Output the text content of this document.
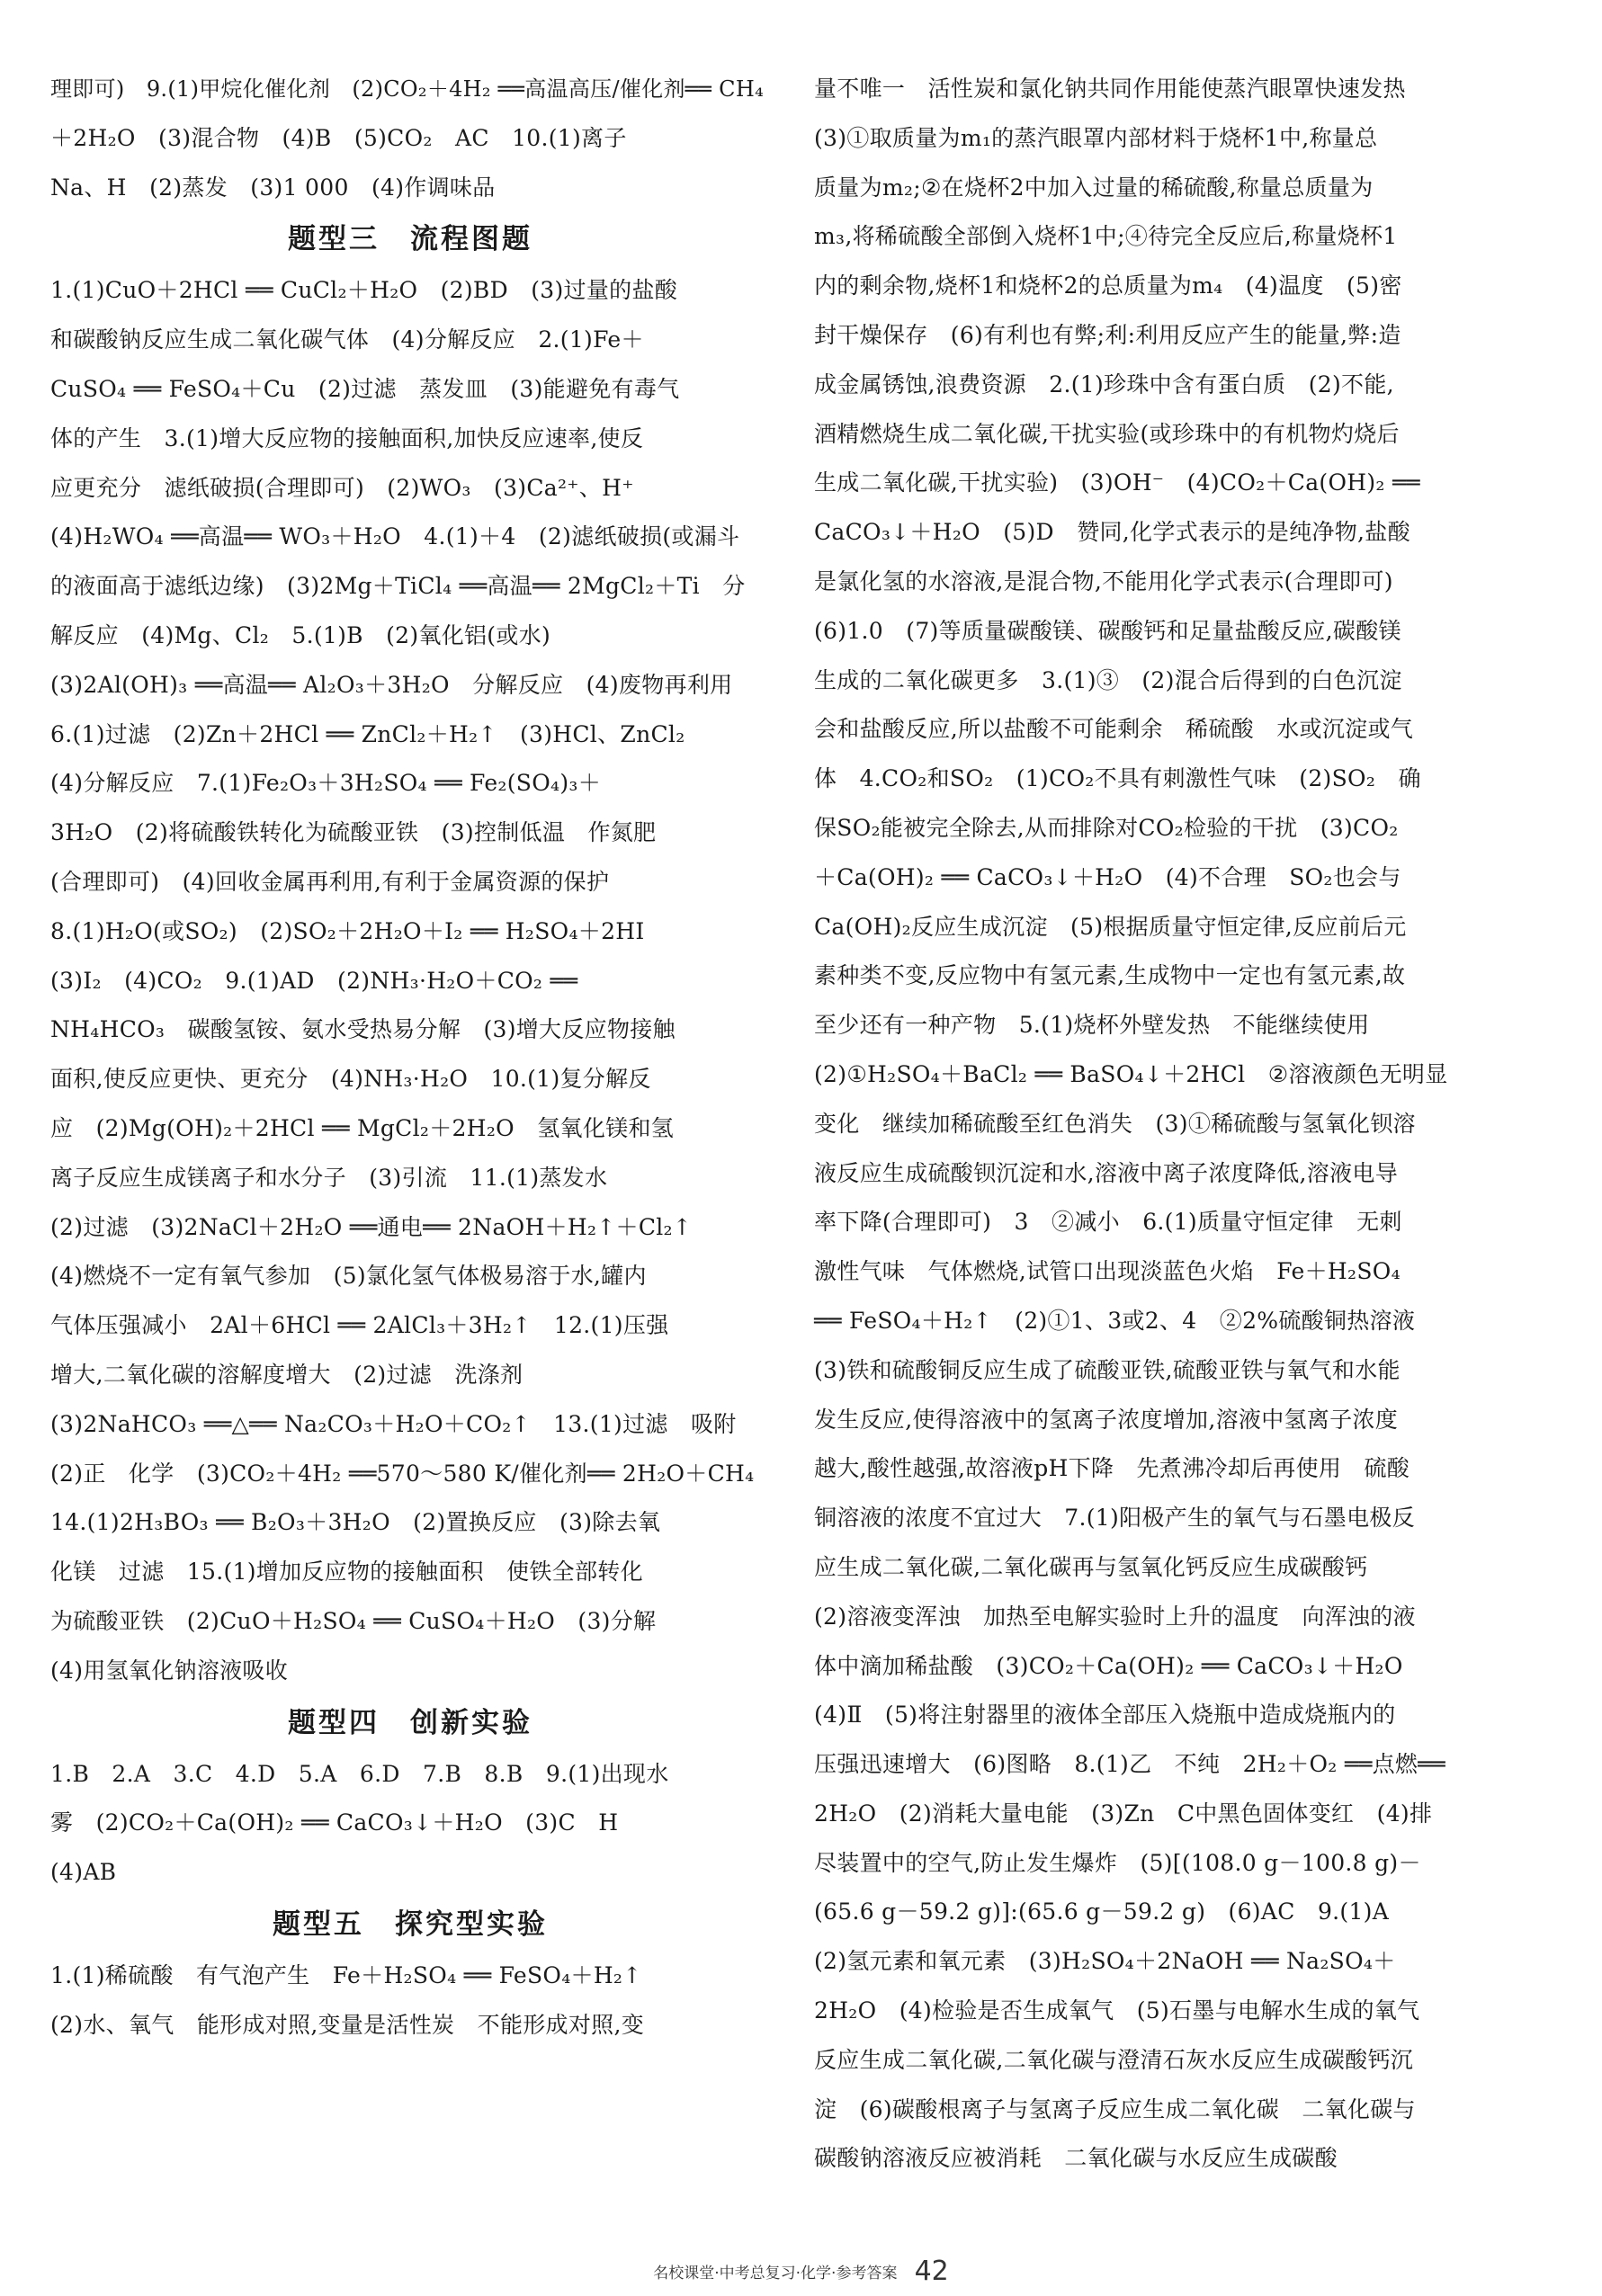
理即可)　9.(1)甲烷化催化剂　(2)CO₂＋4H₂ ══高温高压/催化剂══ CH₄
＋2H₂O　(3)混合物　(4)B　(5)CO₂　AC　10.(1)离子
Na、H　(2)蒸发　(3)1 000　(4)作调味品
题型三　流程图题
1.(1)CuO＋2HCl ══ CuCl₂＋H₂O　(2)BD　(3)过量的盐酸
和碳酸钠反应生成二氧化碳气体　(4)分解反应　2.(1)Fe＋
CuSO₄ ══ FeSO₄＋Cu　(2)过滤　蒸发皿　(3)能避免有毒气
体的产生　3.(1)增大反应物的接触面积,加快反应速率,使反
应更充分　滤纸破损(合理即可)　(2)WO₃　(3)Ca²⁺、H⁺
(4)H₂WO₄ ══高温══ WO₃＋H₂O　4.(1)＋4　(2)滤纸破损(或漏斗
的液面高于滤纸边缘)　(3)2Mg＋TiCl₄ ══高温══ 2MgCl₂＋Ti　分
解反应　(4)Mg、Cl₂　5.(1)B　(2)氧化铝(或水)
(3)2Al(OH)₃ ══高温══ Al₂O₃＋3H₂O　分解反应　(4)废物再利用
6.(1)过滤　(2)Zn＋2HCl ══ ZnCl₂＋H₂↑　(3)HCl、ZnCl₂
(4)分解反应　7.(1)Fe₂O₃＋3H₂SO₄ ══ Fe₂(SO₄)₃＋
3H₂O　(2)将硫酸铁转化为硫酸亚铁　(3)控制低温　作氮肥
(合理即可)　(4)回收金属再利用,有利于金属资源的保护
8.(1)H₂O(或SO₂)　(2)SO₂＋2H₂O＋I₂ ══ H₂SO₄＋2HI
(3)I₂　(4)CO₂　9.(1)AD　(2)NH₃·H₂O＋CO₂ ══
NH₄HCO₃　碳酸氢铵、氨水受热易分解　(3)增大反应物接触
面积,使反应更快、更充分　(4)NH₃·H₂O　10.(1)复分解反
应　(2)Mg(OH)₂＋2HCl ══ MgCl₂＋2H₂O　氢氧化镁和氢
离子反应生成镁离子和水分子　(3)引流　11.(1)蒸发水
(2)过滤　(3)2NaCl＋2H₂O ══通电══ 2NaOH＋H₂↑＋Cl₂↑
(4)燃烧不一定有氧气参加　(5)氯化氢气体极易溶于水,罐内
气体压强减小　2Al＋6HCl ══ 2AlCl₃＋3H₂↑　12.(1)压强
增大,二氧化碳的溶解度增大　(2)过滤　洗涤剂
(3)2NaHCO₃ ══△══ Na₂CO₃＋H₂O＋CO₂↑　13.(1)过滤　吸附
(2)正　化学　(3)CO₂＋4H₂ ══570～580 K/催化剂══ 2H₂O＋CH₄
14.(1)2H₃BO₃ ══ B₂O₃＋3H₂O　(2)置换反应　(3)除去氧
化镁　过滤　15.(1)增加反应物的接触面积　使铁全部转化
为硫酸亚铁　(2)CuO＋H₂SO₄ ══ CuSO₄＋H₂O　(3)分解
(4)用氢氧化钠溶液吸收
题型四　创新实验
1.B　2.A　3.C　4.D　5.A　6.D　7.B　8.B　9.(1)出现水
雾　(2)CO₂＋Ca(OH)₂ ══ CaCO₃↓＋H₂O　(3)C　H
(4)AB
题型五　探究型实验
1.(1)稀硫酸　有气泡产生　Fe＋H₂SO₄ ══ FeSO₄＋H₂↑
(2)水、氧气　能形成对照,变量是活性炭　不能形成对照,变
量不唯一　活性炭和氯化钠共同作用能使蒸汽眼罩快速发热
(3)①取质量为m₁的蒸汽眼罩内部材料于烧杯1中,称量总
质量为m₂;②在烧杯2中加入过量的稀硫酸,称量总质量为
m₃,将稀硫酸全部倒入烧杯1中;④待完全反应后,称量烧杯1
内的剩余物,烧杯1和烧杯2的总质量为m₄　(4)温度　(5)密
封干燥保存　(6)有利也有弊;利:利用反应产生的能量,弊:造
成金属锈蚀,浪费资源　2.(1)珍珠中含有蛋白质　(2)不能,
酒精燃烧生成二氧化碳,干扰实验(或珍珠中的有机物灼烧后
生成二氧化碳,干扰实验)　(3)OH⁻　(4)CO₂＋Ca(OH)₂ ══
CaCO₃↓＋H₂O　(5)D　赞同,化学式表示的是纯净物,盐酸
是氯化氢的水溶液,是混合物,不能用化学式表示(合理即可)
(6)1.0　(7)等质量碳酸镁、碳酸钙和足量盐酸反应,碳酸镁
生成的二氧化碳更多　3.(1)③　(2)混合后得到的白色沉淀
会和盐酸反应,所以盐酸不可能剩余　稀硫酸　水或沉淀或气
体　4.CO₂和SO₂　(1)CO₂不具有刺激性气味　(2)SO₂　确
保SO₂能被完全除去,从而排除对CO₂检验的干扰　(3)CO₂
＋Ca(OH)₂ ══ CaCO₃↓＋H₂O　(4)不合理　SO₂也会与
Ca(OH)₂反应生成沉淀　(5)根据质量守恒定律,反应前后元
素种类不变,反应物中有氢元素,生成物中一定也有氢元素,故
至少还有一种产物　5.(1)烧杯外壁发热　不能继续使用
(2)①H₂SO₄＋BaCl₂ ══ BaSO₄↓＋2HCl　②溶液颜色无明显
变化　继续加稀硫酸至红色消失　(3)①稀硫酸与氢氧化钡溶
液反应生成硫酸钡沉淀和水,溶液中离子浓度降低,溶液电导
率下降(合理即可)　3　②减小　6.(1)质量守恒定律　无刺
激性气味　气体燃烧,试管口出现淡蓝色火焰　Fe＋H₂SO₄
══ FeSO₄＋H₂↑　(2)①1、3或2、4　②2%硫酸铜热溶液
(3)铁和硫酸铜反应生成了硫酸亚铁,硫酸亚铁与氧气和水能
发生反应,使得溶液中的氢离子浓度增加,溶液中氢离子浓度
越大,酸性越强,故溶液pH下降　先煮沸冷却后再使用　硫酸
铜溶液的浓度不宜过大　7.(1)阳极产生的氧气与石墨电极反
应生成二氧化碳,二氧化碳再与氢氧化钙反应生成碳酸钙
(2)溶液变浑浊　加热至电解实验时上升的温度　向浑浊的液
体中滴加稀盐酸　(3)CO₂＋Ca(OH)₂ ══ CaCO₃↓＋H₂O
(4)Ⅱ　(5)将注射器里的液体全部压入烧瓶中造成烧瓶内的
压强迅速增大　(6)图略　8.(1)乙　不纯　2H₂＋O₂ ══点燃══
2H₂O　(2)消耗大量电能　(3)Zn　C中黑色固体变红　(4)排
尽装置中的空气,防止发生爆炸　(5)[(108.0 g－100.8 g)－
(65.6 g－59.2 g)]:(65.6 g－59.2 g)　(6)AC　9.(1)A
(2)氢元素和氧元素　(3)H₂SO₄＋2NaOH ══ Na₂SO₄＋
2H₂O　(4)检验是否生成氧气　(5)石墨与电解水生成的氧气
反应生成二氧化碳,二氧化碳与澄清石灰水反应生成碳酸钙沉
淀　(6)碳酸根离子与氢离子反应生成二氧化碳　二氧化碳与
碳酸钠溶液反应被消耗　二氧化碳与水反应生成碳酸
名校课堂·中考总复习·化学·参考答案 42
